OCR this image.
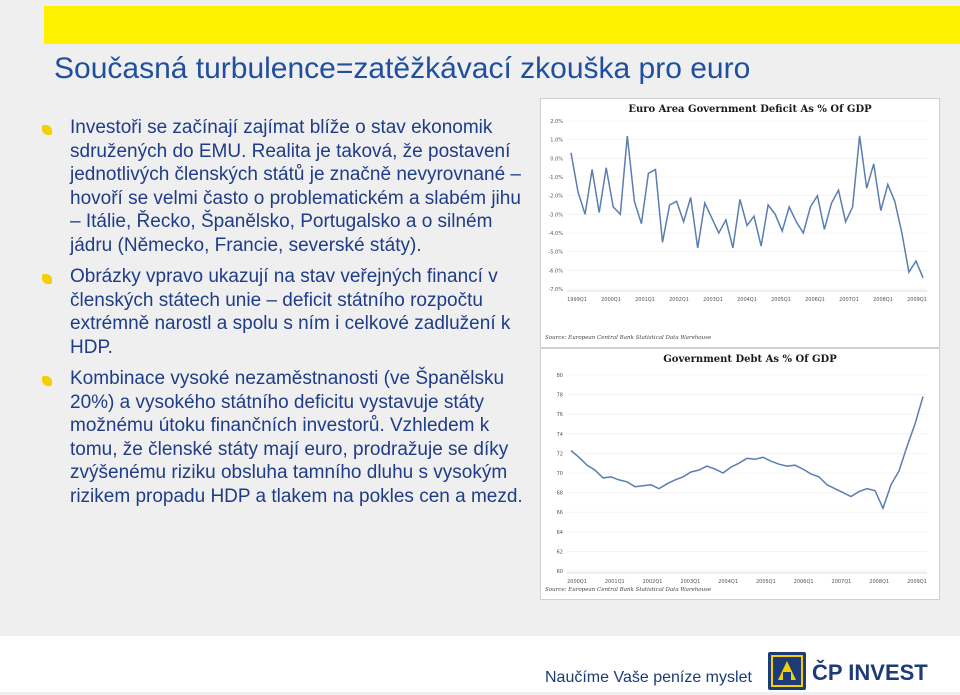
Současná turbulence=zatěžkávací zkouška pro euro
Investoři se začínají zajímat blíže o stav ekonomik sdružených do EMU. Realita je taková, že postavení jednotlivých členských států je značně nevyrovnané – hovoří se velmi často o problematickém a slabém jihu – Itálie, Řecko, Španělsko, Portugalsko a o silném jádru (Německo, Francie, severské státy).
Obrázky vpravo ukazují na stav veřejných financí v členských státech unie – deficit státního rozpočtu extrémně narostl a spolu s ním i celkové zadlužení k HDP.
Kombinace vysoké nezaměstnanosti (ve Španělsku 20%) a vysokého státního deficitu vystavuje státy možnému útoku finančních investorů. Vzhledem k tomu, že členské státy mají euro, prodražuje se díky zvýšenému riziku obsluha tamního dluhu s vysokým rizikem propadu HDP a tlakem na pokles cen a mezd.
Euro Area Government Deficit As % Of GDP
2.0%
1.0%
0.0%
-1.0%
-2.0%
-3.0%
-4.0%
-5.0%
-6.0%
-7.0%
1999Q1	2000Q1	2001Q1	2002Q1	2003Q1	2004Q1	2005Q1	2006Q1	2007Q1	2008Q1	2009Q1
Source: European Central Bank Statistical Data Warehouse
Government Debt As % Of GDP
80
78
76
74
72
70
68
66
64
62
60
2000Q1	2001Q1	2002Q1	2003Q1	2004Q1	2005Q1	2006Q1	2007Q1	2008Q1	2009Q1
Source: European Central Bank Statistical Data Warehouse
Naučíme Vaše peníze myslet	ČP INVEST
